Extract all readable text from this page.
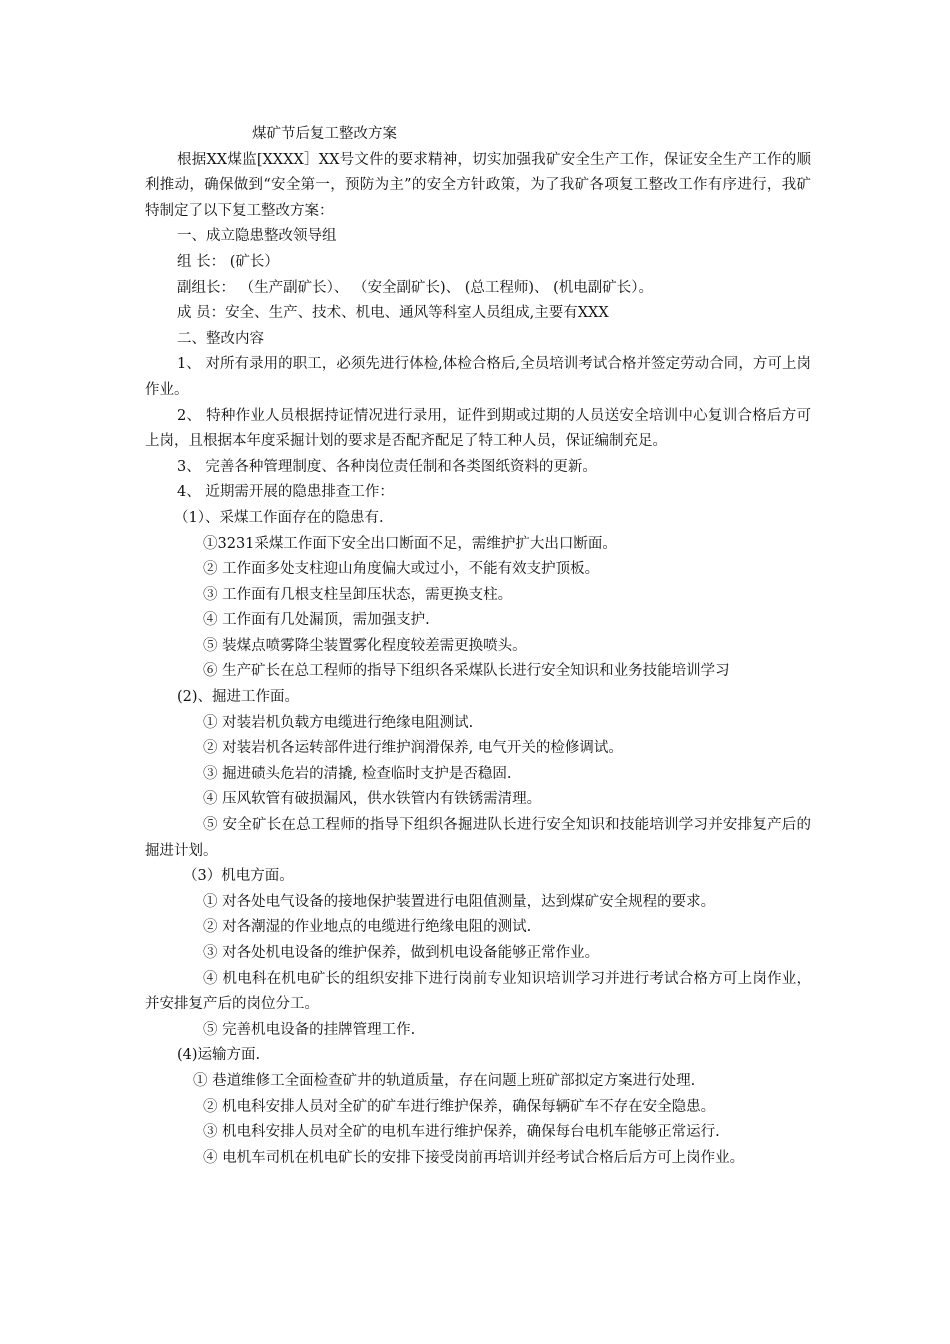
煤矿节后复工整改方案

根据XX煤监[XXXX］XX号文件的要求精神，切实加强我矿安全生产工作，保证安全生产工作的顺利推动，确保做到“安全第一，预防为主”的安全方针政策，为了我矿各项复工整改工作有序进行，我矿特制定了以下复工整改方案：

一、成立隐患整改领导组

组 长： (矿长）

副组长： （生产副矿长）、 （安全副矿长)、 (总工程师)、 (机电副矿长）。

成 员：安全、生产、技术、机电、通风等科室人员组成,主要有XXX

二、整改内容

1、 对所有录用的职工，必须先进行体检,体检合格后,全员培训考试合格并签定劳动合同，方可上岗作业。

2、 特种作业人员根据持证情况进行录用，证件到期或过期的人员送安全培训中心复训合格后方可上岗，且根据本年度采掘计划的要求是否配齐配足了特工种人员，保证编制充足。

3、 完善各种管理制度、各种岗位责任制和各类图纸资料的更新。

4、 近期需开展的隐患排查工作：

（1）、采煤工作面存在的隐患有.

①3231采煤工作面下安全出口断面不足，需维护扩大出口断面。

② 工作面多处支柱迎山角度偏大或过小，不能有效支护顶板。

③ 工作面有几根支柱呈卸压状态，需更换支柱。

④ 工作面有几处漏顶，需加强支护.

⑤ 装煤点喷雾降尘装置雾化程度较差需更换喷头。

⑥ 生产矿长在总工程师的指导下组织各采煤队长进行安全知识和业务技能培训学习

(2)、掘进工作面。

① 对装岩机负载方电缆进行绝缘电阻测试.

② 对装岩机各运转部件进行维护润滑保养, 电气开关的检修调试。

③ 掘进碛头危岩的清撬, 检查临时支护是否稳固.

④ 压风软管有破损漏风，供水铁管内有铁锈需清理。

⑤ 安全矿长在总工程师的指导下组织各掘进队长进行安全知识和技能培训学习并安排复产后的掘进计划。

（3）机电方面。

① 对各处电气设备的接地保护装置进行电阻值测量，达到煤矿安全规程的要求。

② 对各潮湿的作业地点的电缆进行绝缘电阻的测试.

③ 对各处机电设备的维护保养，做到机电设备能够正常作业。

④ 机电科在机电矿长的组织安排下进行岗前专业知识培训学习并进行考试合格方可上岗作业，并安排复产后的岗位分工。

⑤ 完善机电设备的挂牌管理工作.

(4)运输方面.

① 巷道维修工全面检查矿井的轨道质量，存在问题上班矿部拟定方案进行处理.

② 机电科安排人员对全矿的矿车进行维护保养，确保每辆矿车不存在安全隐患。

③ 机电科安排人员对全矿的电机车进行维护保养，确保每台电机车能够正常运行.

④ 电机车司机在机电矿长的安排下接受岗前再培训并经考试合格后后方可上岗作业。
